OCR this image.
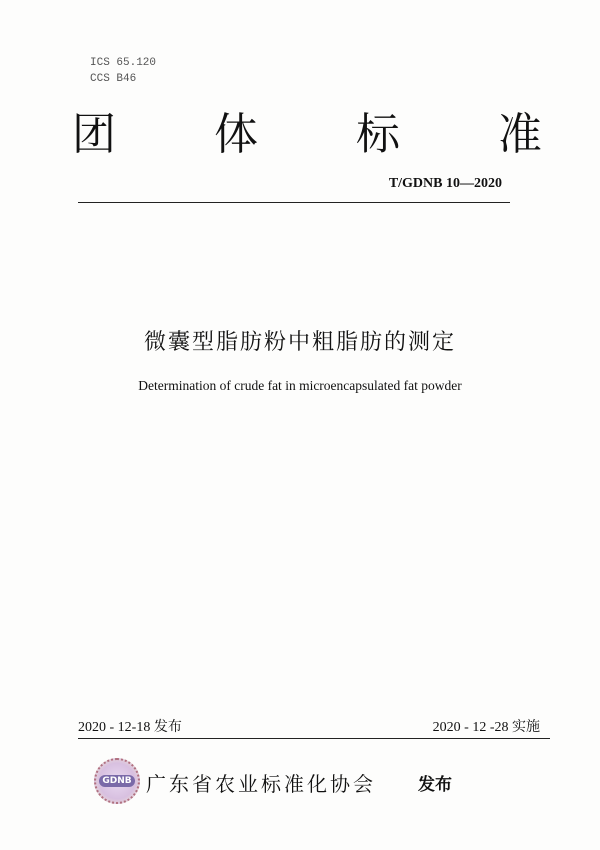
ICS 65.120
CCS B46
团 体 标 准
T/GDNB 10—2020
微囊型脂肪粉中粗脂肪的测定
Determination of crude fat in microencapsulated fat powder
2020 - 12-18 发布	2020 - 12 -28 实施
GDNB 广东省农业标准化协会 发布
